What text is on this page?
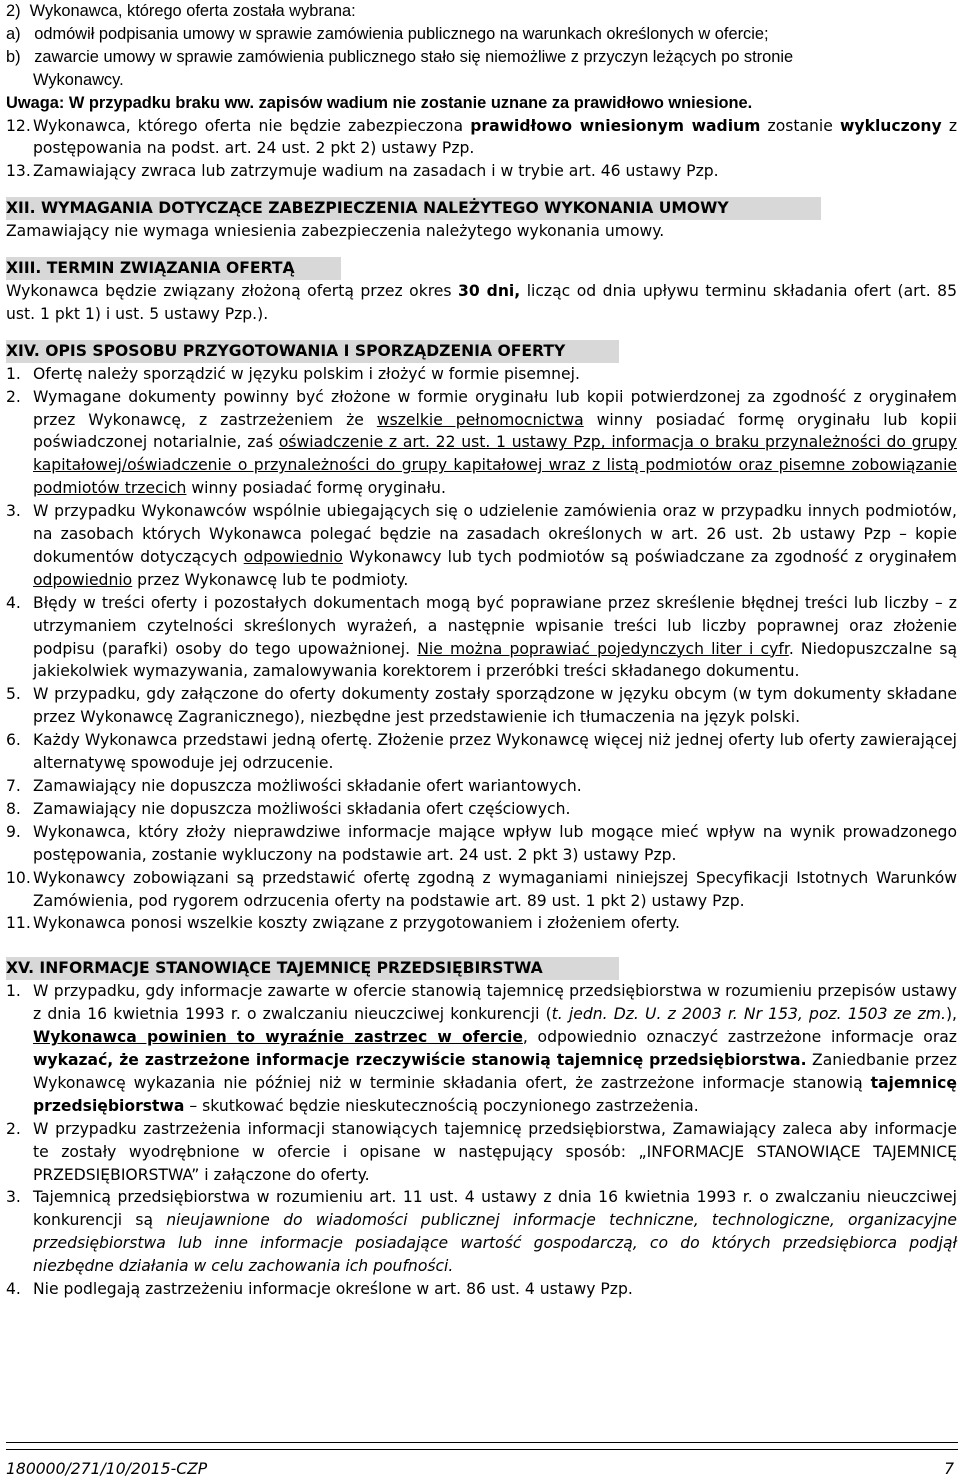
2)  Wykonawca, którego oferta została wybrana:
a)   odmówił podpisania umowy w sprawie zamówienia publicznego na warunkach określonych w ofercie;
b)   zawarcie umowy w sprawie zamówienia publicznego stało się niemożliwe z przyczyn leżących po stronie
Wykonawcy.
Uwaga: W przypadku braku ww. zapisów wadium nie zostanie uznane za prawidłowo wniesione.
12. Wykonawca, którego oferta nie będzie zabezpieczona prawidłowo wniesionym wadium zostanie wykluczony z postępowania na podst. art. 24 ust. 2 pkt 2) ustawy Pzp.
13. Zamawiający zwraca lub zatrzymuje wadium na zasadach i w trybie art. 46 ustawy Pzp.
XII. WYMAGANIA DOTYCZĄCE ZABEZPIECZENIA NALEŻYTEGO WYKONANIA UMOWY
Zamawiający nie wymaga wniesienia zabezpieczenia należytego wykonania umowy.
XIII. TERMIN ZWIĄZANIA OFERTĄ
Wykonawca będzie związany złożoną ofertą przez okres 30 dni, licząc od dnia upływu terminu składania ofert (art. 85 ust. 1 pkt 1) i ust. 5 ustawy Pzp.).
XIV. OPIS SPOSOBU PRZYGOTOWANIA I SPORZĄDZENIA OFERTY
1. Ofertę należy sporządzić w języku polskim i złożyć w formie pisemnej.
2. Wymagane dokumenty powinny być złożone w formie oryginału lub kopii potwierdzonej za zgodność z oryginałem przez Wykonawcę, z zastrzeżeniem że wszelkie pełnomocnictwa winny posiadać formę oryginału lub kopii poświadczonej notarialnie, zaś oświadczenie z art. 22 ust. 1 ustawy Pzp, informacja o braku przynależności do grupy kapitałowej/oświadczenie o przynależności do grupy kapitałowej wraz z listą podmiotów oraz pisemne zobowiązanie podmiotów trzecich winny posiadać formę oryginału.
3. W przypadku Wykonawców wspólnie ubiegających się o udzielenie zamówienia oraz w przypadku innych podmiotów, na zasobach których Wykonawca polegać będzie na zasadach określonych w art. 26 ust. 2b ustawy Pzp – kopie dokumentów dotyczących odpowiednio Wykonawcy lub tych podmiotów są poświadczane za zgodność z oryginałem odpowiednio przez Wykonawcę lub te podmioty.
4. Błędy w treści oferty i pozostałych dokumentach mogą być poprawiane przez skreślenie błędnej treści lub liczby – z utrzymaniem czytelności skreślonych wyrażeń, a następnie wpisanie treści lub liczby poprawnej oraz złożenie podpisu (parafki) osoby do tego upoważnionej. Nie można poprawiać pojedynczych liter i cyfr. Niedopuszczalne są jakiekolwiek wymazywania, zamalowywania korektorem i przeróbki treści składanego dokumentu.
5. W przypadku, gdy załączone do oferty dokumenty zostały sporządzone w języku obcym (w tym dokumenty składane przez Wykonawcę Zagranicznego), niezbędne jest przedstawienie ich tłumaczenia na język polski.
6. Każdy Wykonawca przedstawi jedną ofertę. Złożenie przez Wykonawcę więcej niż jednej oferty lub oferty zawierającej alternatywę spowoduje jej odrzucenie.
7. Zamawiający nie dopuszcza możliwości składanie ofert wariantowych.
8. Zamawiający nie dopuszcza możliwości składania ofert częściowych.
9. Wykonawca, który złoży nieprawdziwe informacje mające wpływ lub mogące mieć wpływ na wynik prowadzonego postępowania, zostanie wykluczony na podstawie art. 24 ust. 2 pkt 3) ustawy Pzp.
10. Wykonawcy zobowiązani są przedstawić ofertę zgodną z wymaganiami niniejszej Specyfikacji Istotnych Warunków Zamówienia, pod rygorem odrzucenia oferty na podstawie art. 89 ust. 1 pkt 2) ustawy Pzp.
11. Wykonawca ponosi wszelkie koszty związane z przygotowaniem i złożeniem oferty.
XV. INFORMACJE STANOWIĄCE TAJEMNICĘ PRZEDSIĘBIRSTWA
1. W przypadku, gdy informacje zawarte w ofercie stanowią tajemnicę przedsiębiorstwa w rozumieniu przepisów ustawy z dnia 16 kwietnia 1993 r. o zwalczaniu nieuczciwej konkurencji (t. jedn. Dz. U. z 2003 r. Nr 153, poz. 1503 ze zm.), Wykonawca powinien to wyraźnie zastrzec w ofercie, odpowiednio oznaczyć zastrzeżone informacje oraz wykazać, że zastrzeżone informacje rzeczywiście stanowią tajemnicę przedsiębiorstwa. Zaniedbanie przez Wykonawcę wykazania nie później niż w terminie składania ofert, że zastrzeżone informacje stanowią tajemnicę przedsiębiorstwa – skutkować będzie nieskutecznością poczynionego zastrzeżenia.
2. W przypadku zastrzeżenia informacji stanowiących tajemnicę przedsiębiorstwa, Zamawiający zaleca aby informacje te zostały wyodrębnione w ofercie i opisane w następujący sposób: „INFORMACJE STANOWIĄCE TAJEMNICĘ PRZEDSIĘBIORSTWA” i załączone do oferty.
3. Tajemnicą przedsiębiorstwa w rozumieniu art. 11 ust. 4 ustawy z dnia 16 kwietnia 1993 r. o zwalczaniu nieuczciwej konkurencji są nieujawnione do wiadomości publicznej informacje techniczne, technologiczne, organizacyjne przedsiębiorstwa lub inne informacje posiadające wartość gospodarczą, co do których przedsiębiorca podjął niezbędne działania w celu zachowania ich poufności.
4. Nie podlegają zastrzeżeniu informacje określone w art. 86 ust. 4 ustawy Pzp.
180000/271/10/2015-CZP	7
